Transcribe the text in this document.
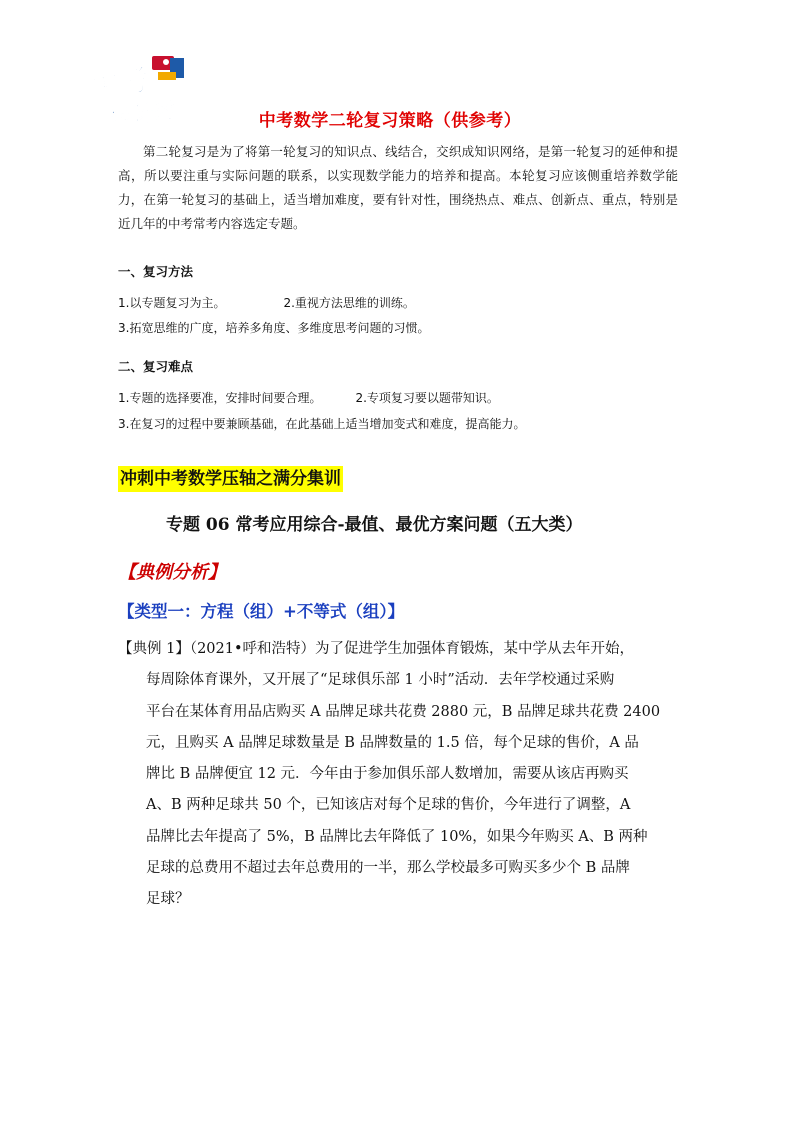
中考
倒计时	中考数学二轮复习策略（供参考）
第二轮复习是为了将第一轮复习的知识点、线结合，交织成知识网络，是第一轮复习的延伸和提高，所以要注重与实际问题的联系，以实现数学能力的培养和提高。本轮复习应该侧重培养数学能力，在第一轮复习的基础上，适当增加难度，要有针对性，围绕热点、难点、创新点、重点，特别是近几年的中考常考内容选定专题。
一、复习方法
1.以专题复习为主。	2.重视方法思维的训练。
3.拓宽思维的广度，培养多角度、多维度思考问题的习惯。
二、复习难点
1.专题的选择要准，安排时间要合理。	2.专项复习要以题带知识。
3.在复习的过程中要兼顾基础，在此基础上适当增加变式和难度，提高能力。
冲刺中考数学压轴之满分集训
专题 06 常考应用综合-最值、最优方案问题（五大类）
【典例分析】
【类型一：方程（组）+不等式（组）】
【典例 1】（2021•呼和浩特）为了促进学生加强体育锻炼，某中学从去年开始，
每周除体育课外，又开展了“足球俱乐部 1 小时”活动．去年学校通过采购
平台在某体育用品店购买 A 品牌足球共花费 2880 元，B 品牌足球共花费 2400
元，且购买 A 品牌足球数量是 B 品牌数量的 1.5 倍，每个足球的售价，A 品
牌比 B 品牌便宜 12 元．今年由于参加俱乐部人数增加，需要从该店再购买
A、B 两种足球共 50 个，已知该店对每个足球的售价，今年进行了调整，A
品牌比去年提高了 5%，B 品牌比去年降低了 10%，如果今年购买 A、B 两种
足球的总费用不超过去年总费用的一半，那么学校最多可购买多少个 B 品牌
足球？
